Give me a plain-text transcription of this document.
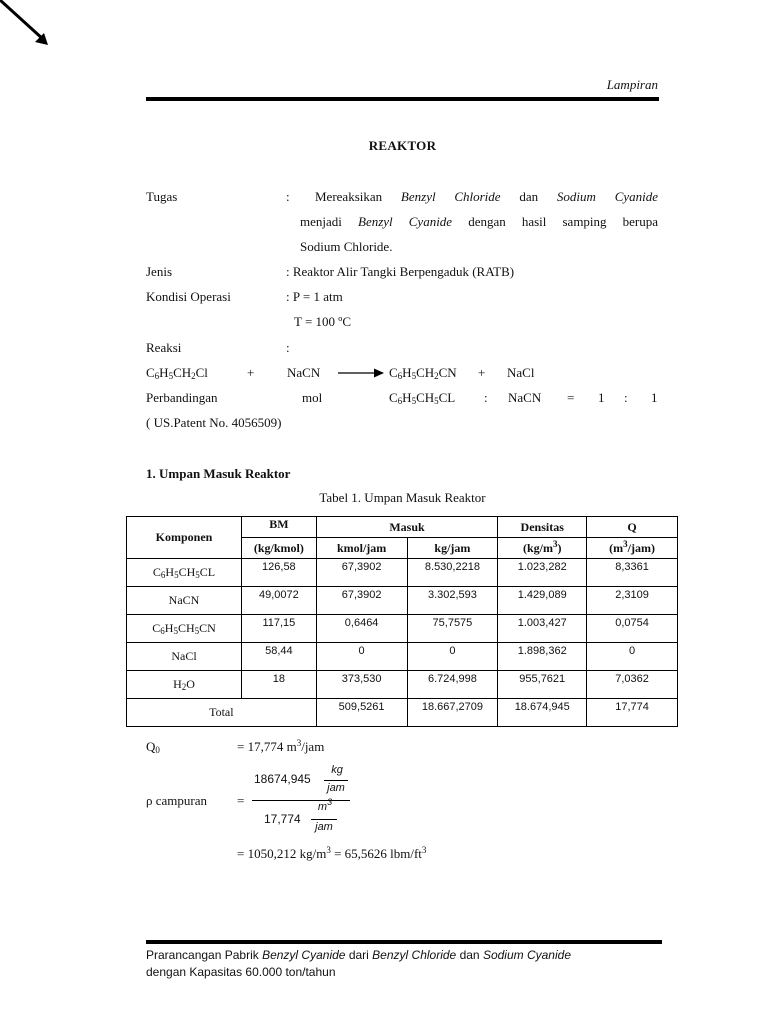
Lampiran
REAKTOR
Tugas	: Mereaksikan Benzyl Chloride dan Sodium Cyanide
menjadi Benzyl Cyanide dengan hasil samping berupa
Sodium Chloride.
Jenis	: Reaktor Alir Tangki Berpengaduk (RATB)
Kondisi Operasi	: P = 1 atm
T = 100 ºC
Reaksi	:
$C_6H_5CH_2Cl$	+	NaCN → $C_6H_5CH_2CN$ + NaCl
Perbandingan	mol	$C_6H_5CH_5CL$ : NaCN = 1 : 1
( US.Patent No. 4056509)
1. Umpan Masuk Reaktor
Tabel 1. Umpan Masuk Reaktor
Komponen	BM	Masuk		Densitas	Q
	(kg/kmol)	kmol/jam	kg/jam	$(kg/m^3)$	$(m^3/jam)$
$C_6H_5CH_5CL$	126,58	67,3902	8.530,2218	1.023,282	8,3361
NaCN	49,0072	67,3902	3.302,593	1.429,089	2,3109
$C_6H_5CH_5CN$	117,15	0,6464	75,7575	1.003,427	0,0754
NaCl	58,44	0	0	1.898,362	0
$H_2O$	18	373,530	6.724,998	955,7621	7,0362
Total		509,5261	18.667,2709	18.674,945	17,774
$Q_0$	= 17,774 $m^3$/jam
ρ campuran =
18674,945
kg
jam
17,774
$m^3$
jam
= 1050,212 $kg/m^3 = 65,5626$ lbm/$ft^3$
Prarancangan Pabrik Benzyl Cyanide dari Benzyl Chloride dan Sodium Cyanide
dengan Kapasitas 60.000 ton/tahun
